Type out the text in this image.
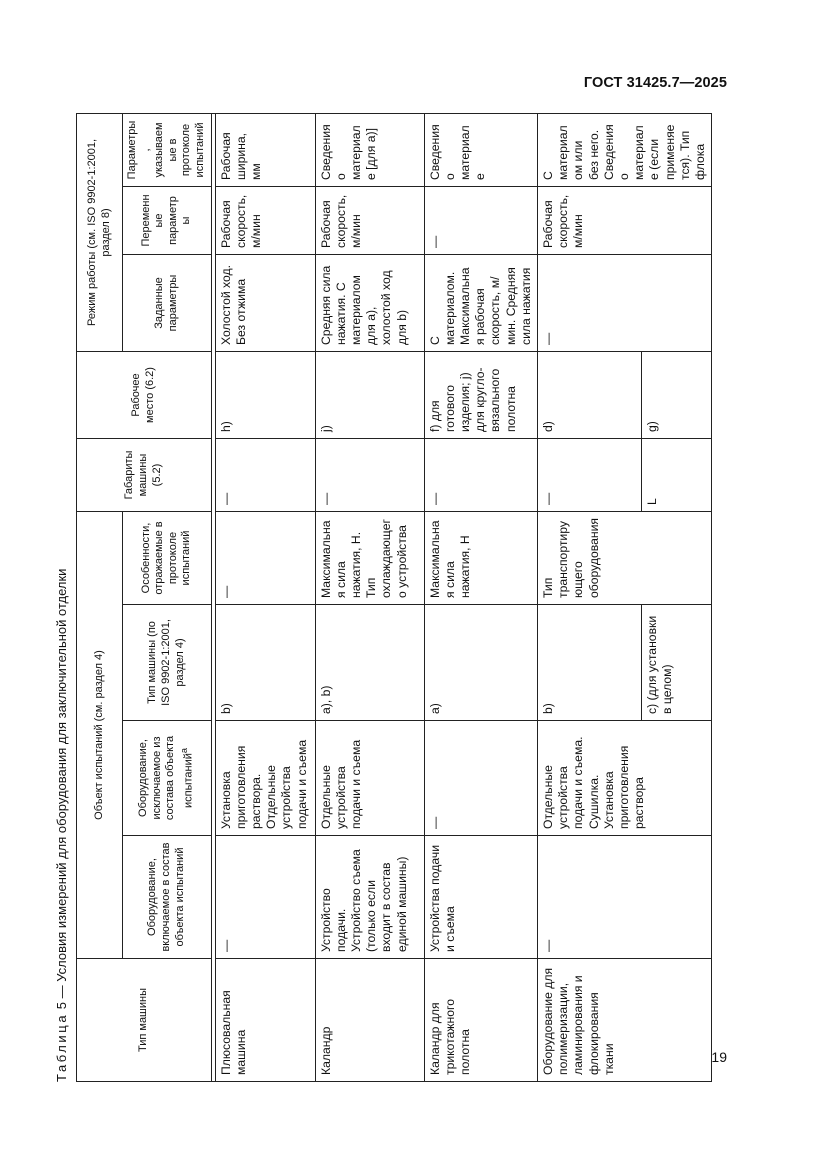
ГОСТ 31425.7—2025
Таблица 5 — Условия измерений для оборудования для заключительной отделки
Тип машины	Объект испытаний (см. раздел 4)				Габариты машины (5.2)	Рабочее место (6.2)	Режим работы (см. ISO 9902-1:2001, раздел 8)		
	Оборудование, включаемое в состав объекта испытаний	Оборудование, исключаемое из состава объекта испытаний$^а$	Тип машины (по ISO 9902-1:2001, раздел 4)	Особенности, отражаемые в протоколе испытаний			Заданные параметры	Переменные параметры	Параметры, указываемые в протоколе испытаний

Плюсовальная машина	—	Установка приготовления раствора. Отдельные устройства подачи и съема	b)	—	—	h)	Холостой ход. Без отжима	Рабочая скорость, м/мин	Рабочая ширина, мм
Каландр	Устройство подачи. Устройство съема (только если входит в состав единой машины)	Отдельные устройства подачи и съема	a), b)	Максимальная сила нажатия, Н. Тип охлаждающего устройства	—	j)	Средняя сила нажатия. С материалом для a), холостой ход для b)	Рабочая скорость, м/мин	Сведения о материале [для a)]
Каландр для трикотажного полотна	Устройства подачи и съема	—	a)	Максимальная сила нажатия, Н	—	f) для готового изделия; j) для кругло-вязального полотна	С материалом. Максимальная рабочая скорость, м/мин. Средняя сила нажатия	—	Сведения о материале
Оборудование для полимеризации, ламинирования и флокирования ткани	—	Отдельные устройства подачи и съема. Сушилка. Установка приготовления раствора	b)	Тип транспортирующего оборудования	—	d)	—	Рабочая скорость, м/мин	С материалом или без него. Сведения о материале (если применяется). Тип флока
			c) (для установки в целом)		L	g)			
19
